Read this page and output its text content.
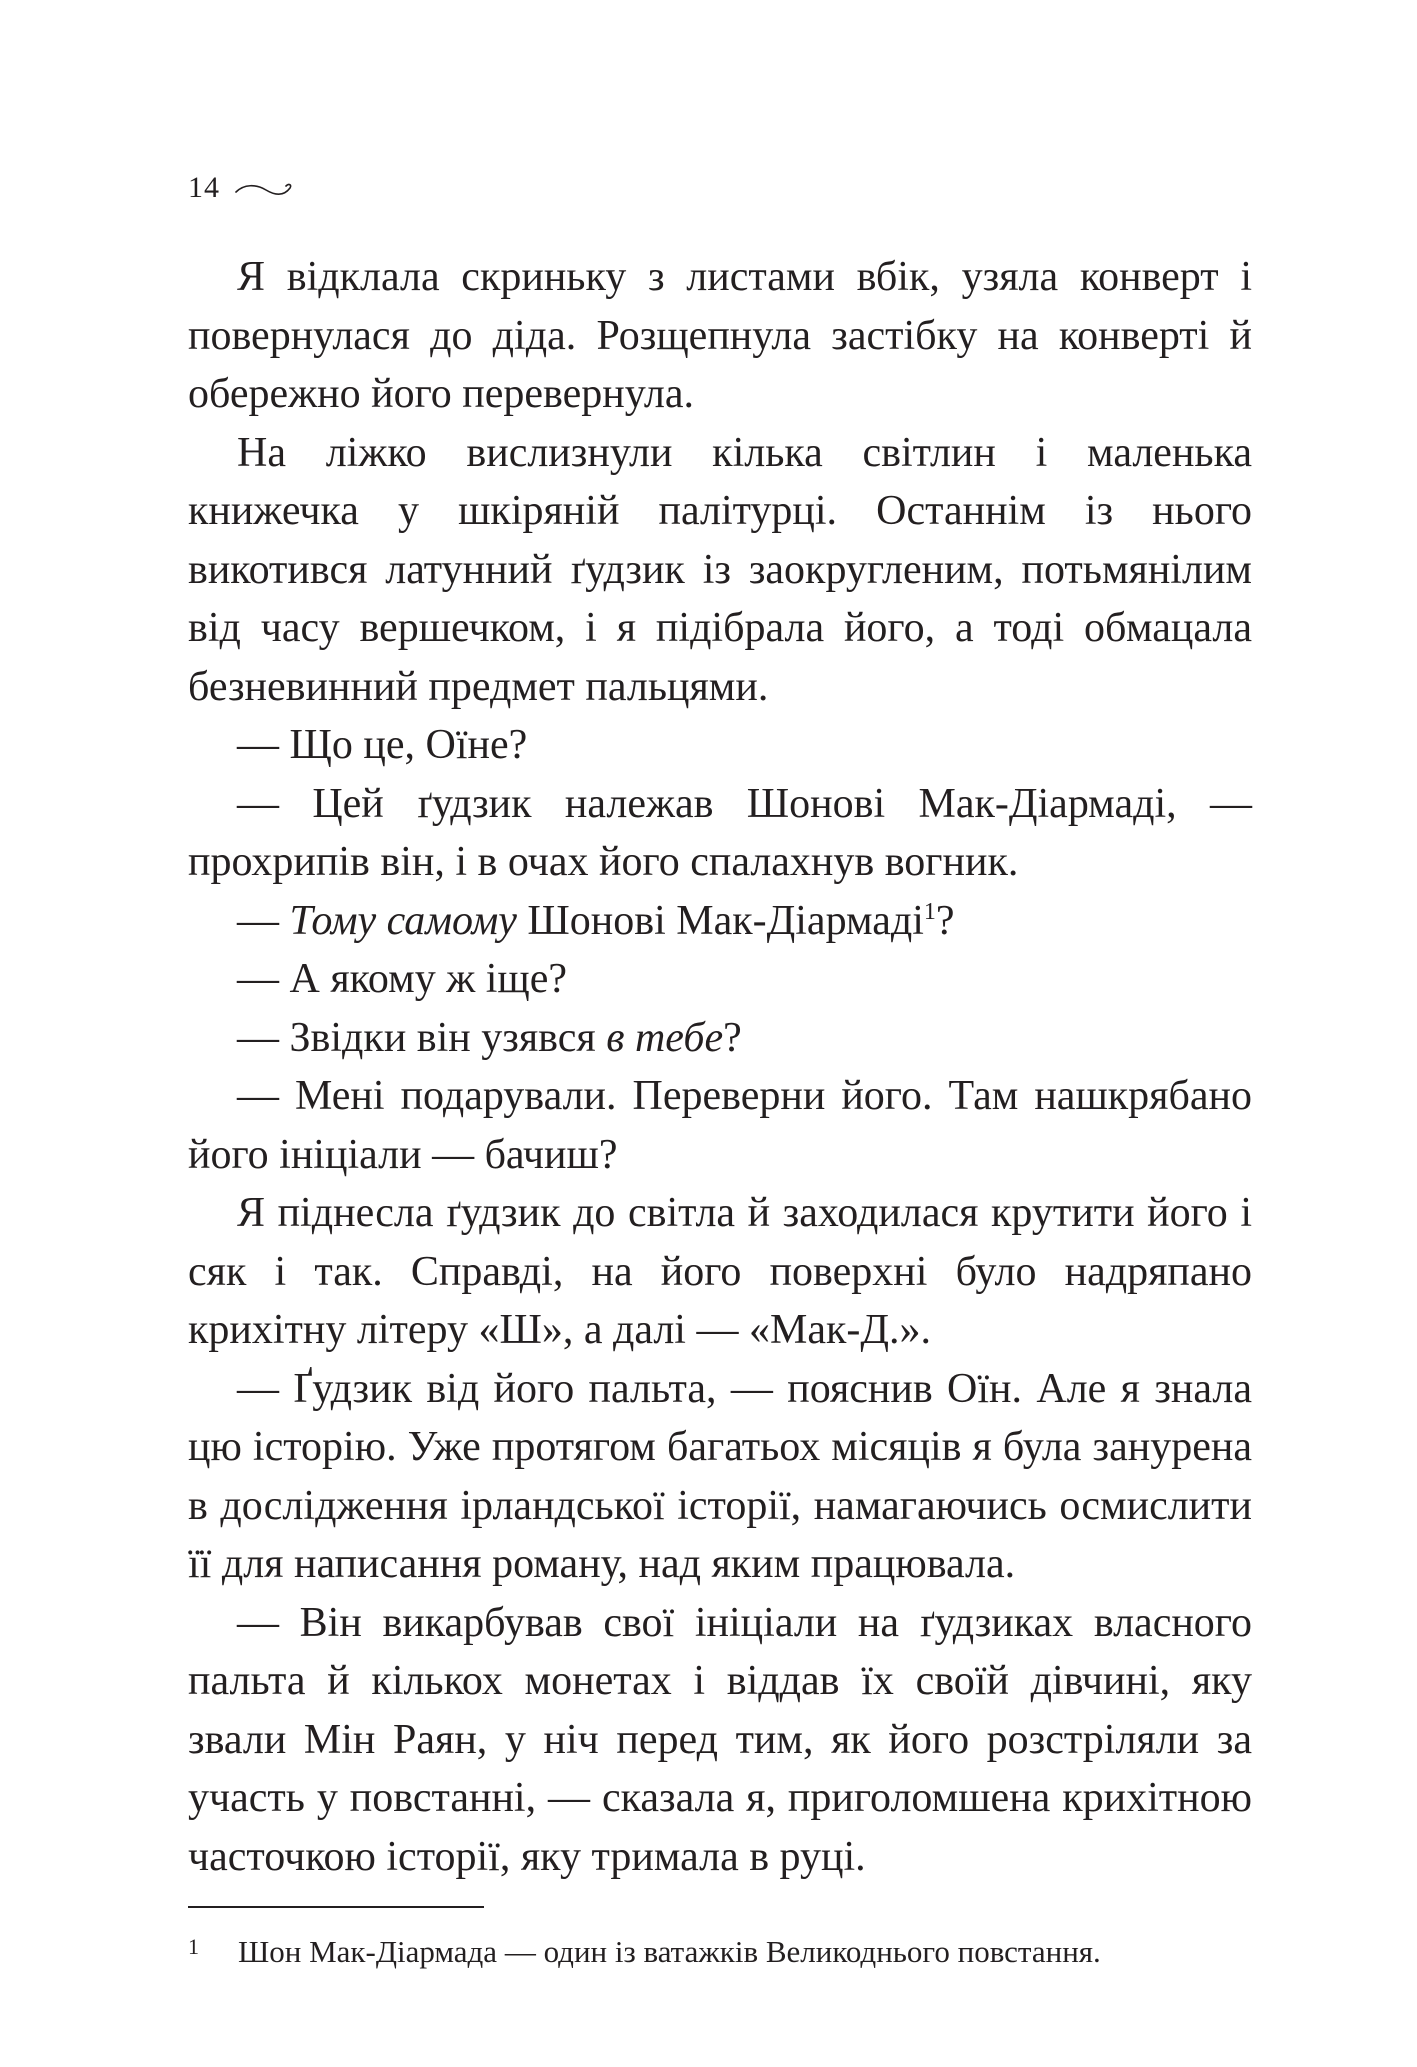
14

Я відклала скриньку з листами вбік, узяла конверт і повернулася до діда. Розщепнула застібку на конверті й обережно його перевернула.

На ліжко вислизнули кілька світлин і маленька книжечка у шкіряній палітурці. Останнім із нього викотився латунний ґудзик із заокругленим, потьмянілим від часу вершечком, і я підібрала його, а тоді обмацала безневинний предмет пальцями.

— Що це, Оїне?

— Цей ґудзик належав Шонові Мак-Діармаді, — прохрипів він, і в очах його спалахнув вогник.

— Тому самому Шонові Мак-Діармаді$^1$?

— А якому ж іще?

— Звідки він узявся в тебе?

— Мені подарували. Переверни його. Там нашкрябано його ініціали — бачиш?

Я піднесла ґудзик до світла й заходилася крутити його і сяк і так. Справді, на його поверхні було надряпано крихітну літеру «Ш», а далі — «Мак-Д.».

— Ґудзик від його пальта, — пояснив Оїн. Але я знала цю історію. Уже протягом багатьох місяців я була занурена в дослідження ірландської історії, намагаючись осмислити її для написання роману, над яким працювала.

— Він викарбував свої ініціали на ґудзиках власного пальта й кількох монетах і віддав їх своїй дівчині, яку звали Мін Раян, у ніч перед тим, як його розстріляли за участь у повстанні, — сказала я, приголомшена крихітною часточкою історії, яку тримала в руці.

1	Шон Мак-Діармада — один із ватажків Великоднього повстання.
